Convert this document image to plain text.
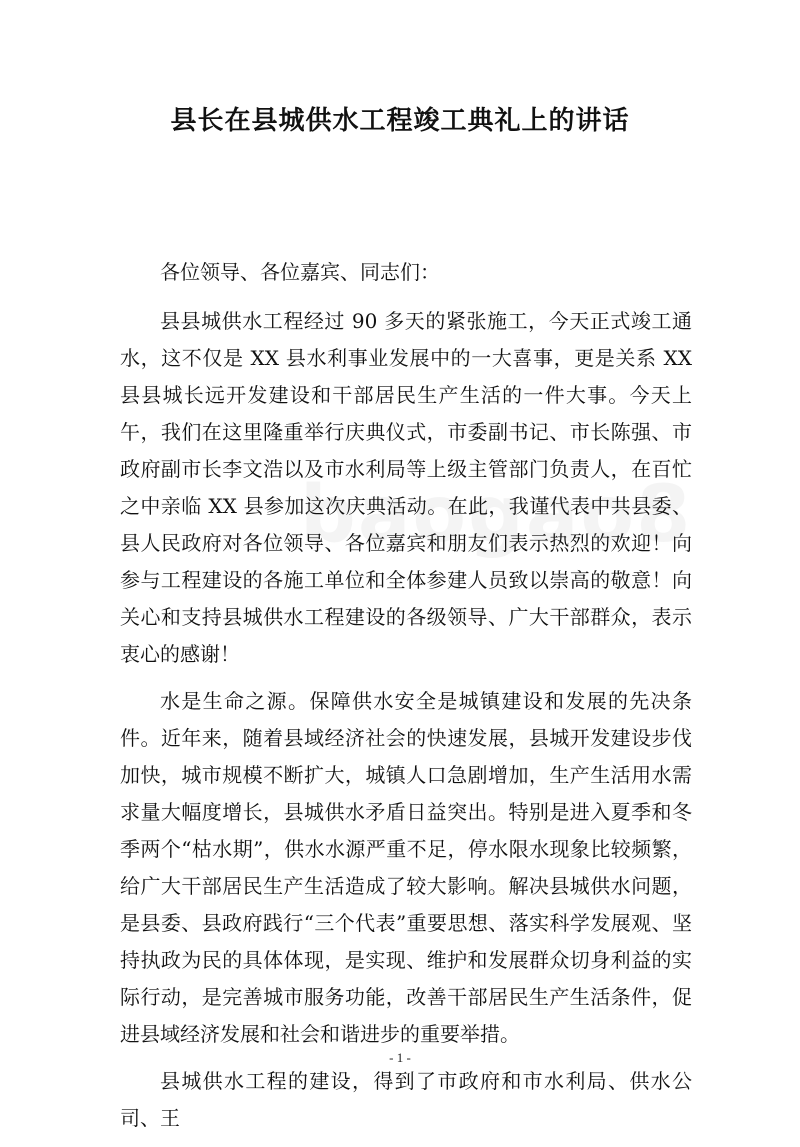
县长在县城供水工程竣工典礼上的讲话

各位领导、各位嘉宾、同志们：

县县城供水工程经过 90 多天的紧张施工，今天正式竣工通水，这不仅是 XX 县水利事业发展中的一大喜事，更是关系 XX 县县城长远开发建设和干部居民生产生活的一件大事。今天上午，我们在这里隆重举行庆典仪式，市委副书记、市长陈强、市政府副市长李文浩以及市水利局等上级主管部门负责人，在百忙之中亲临 XX 县参加这次庆典活动。在此，我谨代表中共县委、县人民政府对各位领导、各位嘉宾和朋友们表示热烈的欢迎！向参与工程建设的各施工单位和全体参建人员致以崇高的敬意！向关心和支持县城供水工程建设的各级领导、广大干部群众，表示衷心的感谢！

水是生命之源。保障供水安全是城镇建设和发展的先决条件。近年来，随着县域经济社会的快速发展，县城开发建设步伐加快，城市规模不断扩大，城镇人口急剧增加，生产生活用水需求量大幅度增长，县城供水矛盾日益突出。特别是进入夏季和冬季两个“枯水期”，供水水源严重不足，停水限水现象比较频繁，给广大干部居民生产生活造成了较大影响。解决县城供水问题，是县委、县政府践行“三个代表”重要思想、落实科学发展观、坚持执政为民的具体体现，是实现、维护和发展群众切身利益的实际行动，是完善城市服务功能，改善干部居民生产生活条件，促进县域经济发展和社会和谐进步的重要举措。

县城供水工程的建设，得到了市政府和市水利局、供水公司、王

- 1 -
